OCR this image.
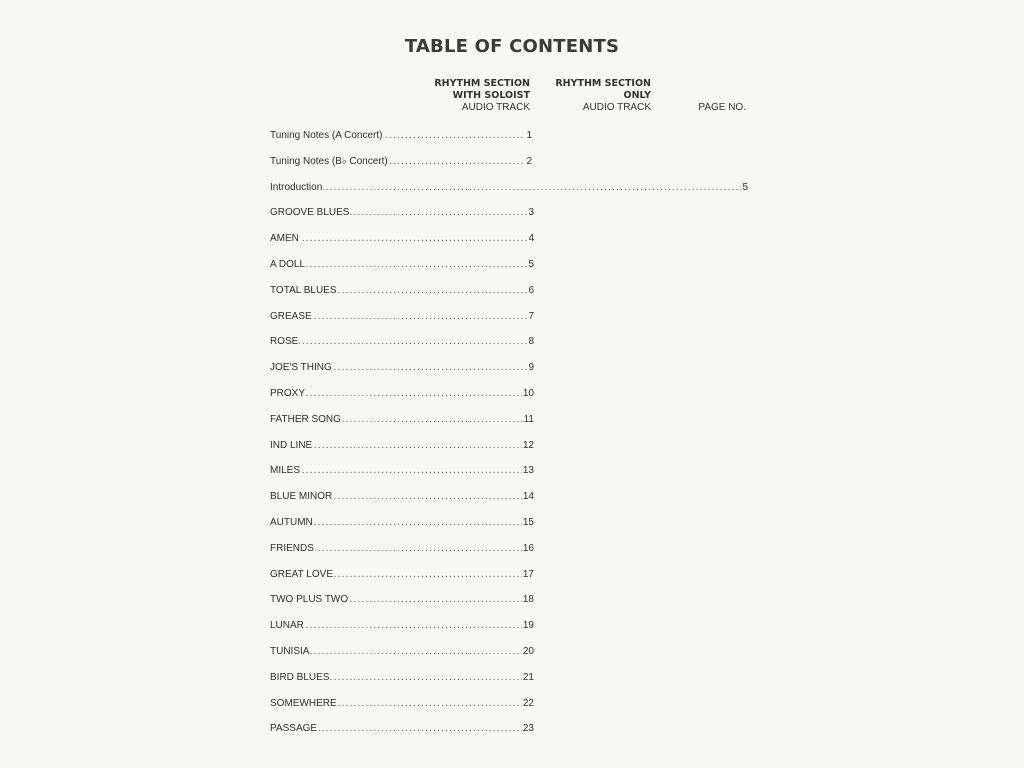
TABLE OF CONTENTS
RHYTHM SECTION
WITH SOLOIST
AUDIO TRACK
RHYTHM SECTION
ONLY
AUDIO TRACK

	PAGE NO.
..... Tuning Notes (A Concert)	1
..... Tuning Notes (B♭ Concert)	2
..... Introduction	5
..... GROOVE BLUES	3
..... AMEN	4
..... A DOLL	5
..... TOTAL BLUES	6
..... GREASE	7
..... ROSE	8
..... JOE'S THING	9
..... PROXY	10
..... FATHER SONG	11
..... IND LINE	12
..... MILES	13
..... BLUE MINOR	14
..... AUTUMN	15
..... FRIENDS	16
..... GREAT LOVE	17
..... TWO PLUS TWO	18
..... LUNAR	19
..... TUNISIA	20
..... BIRD BLUES	21
..... SOMEWHERE	22
..... PASSAGE	23
